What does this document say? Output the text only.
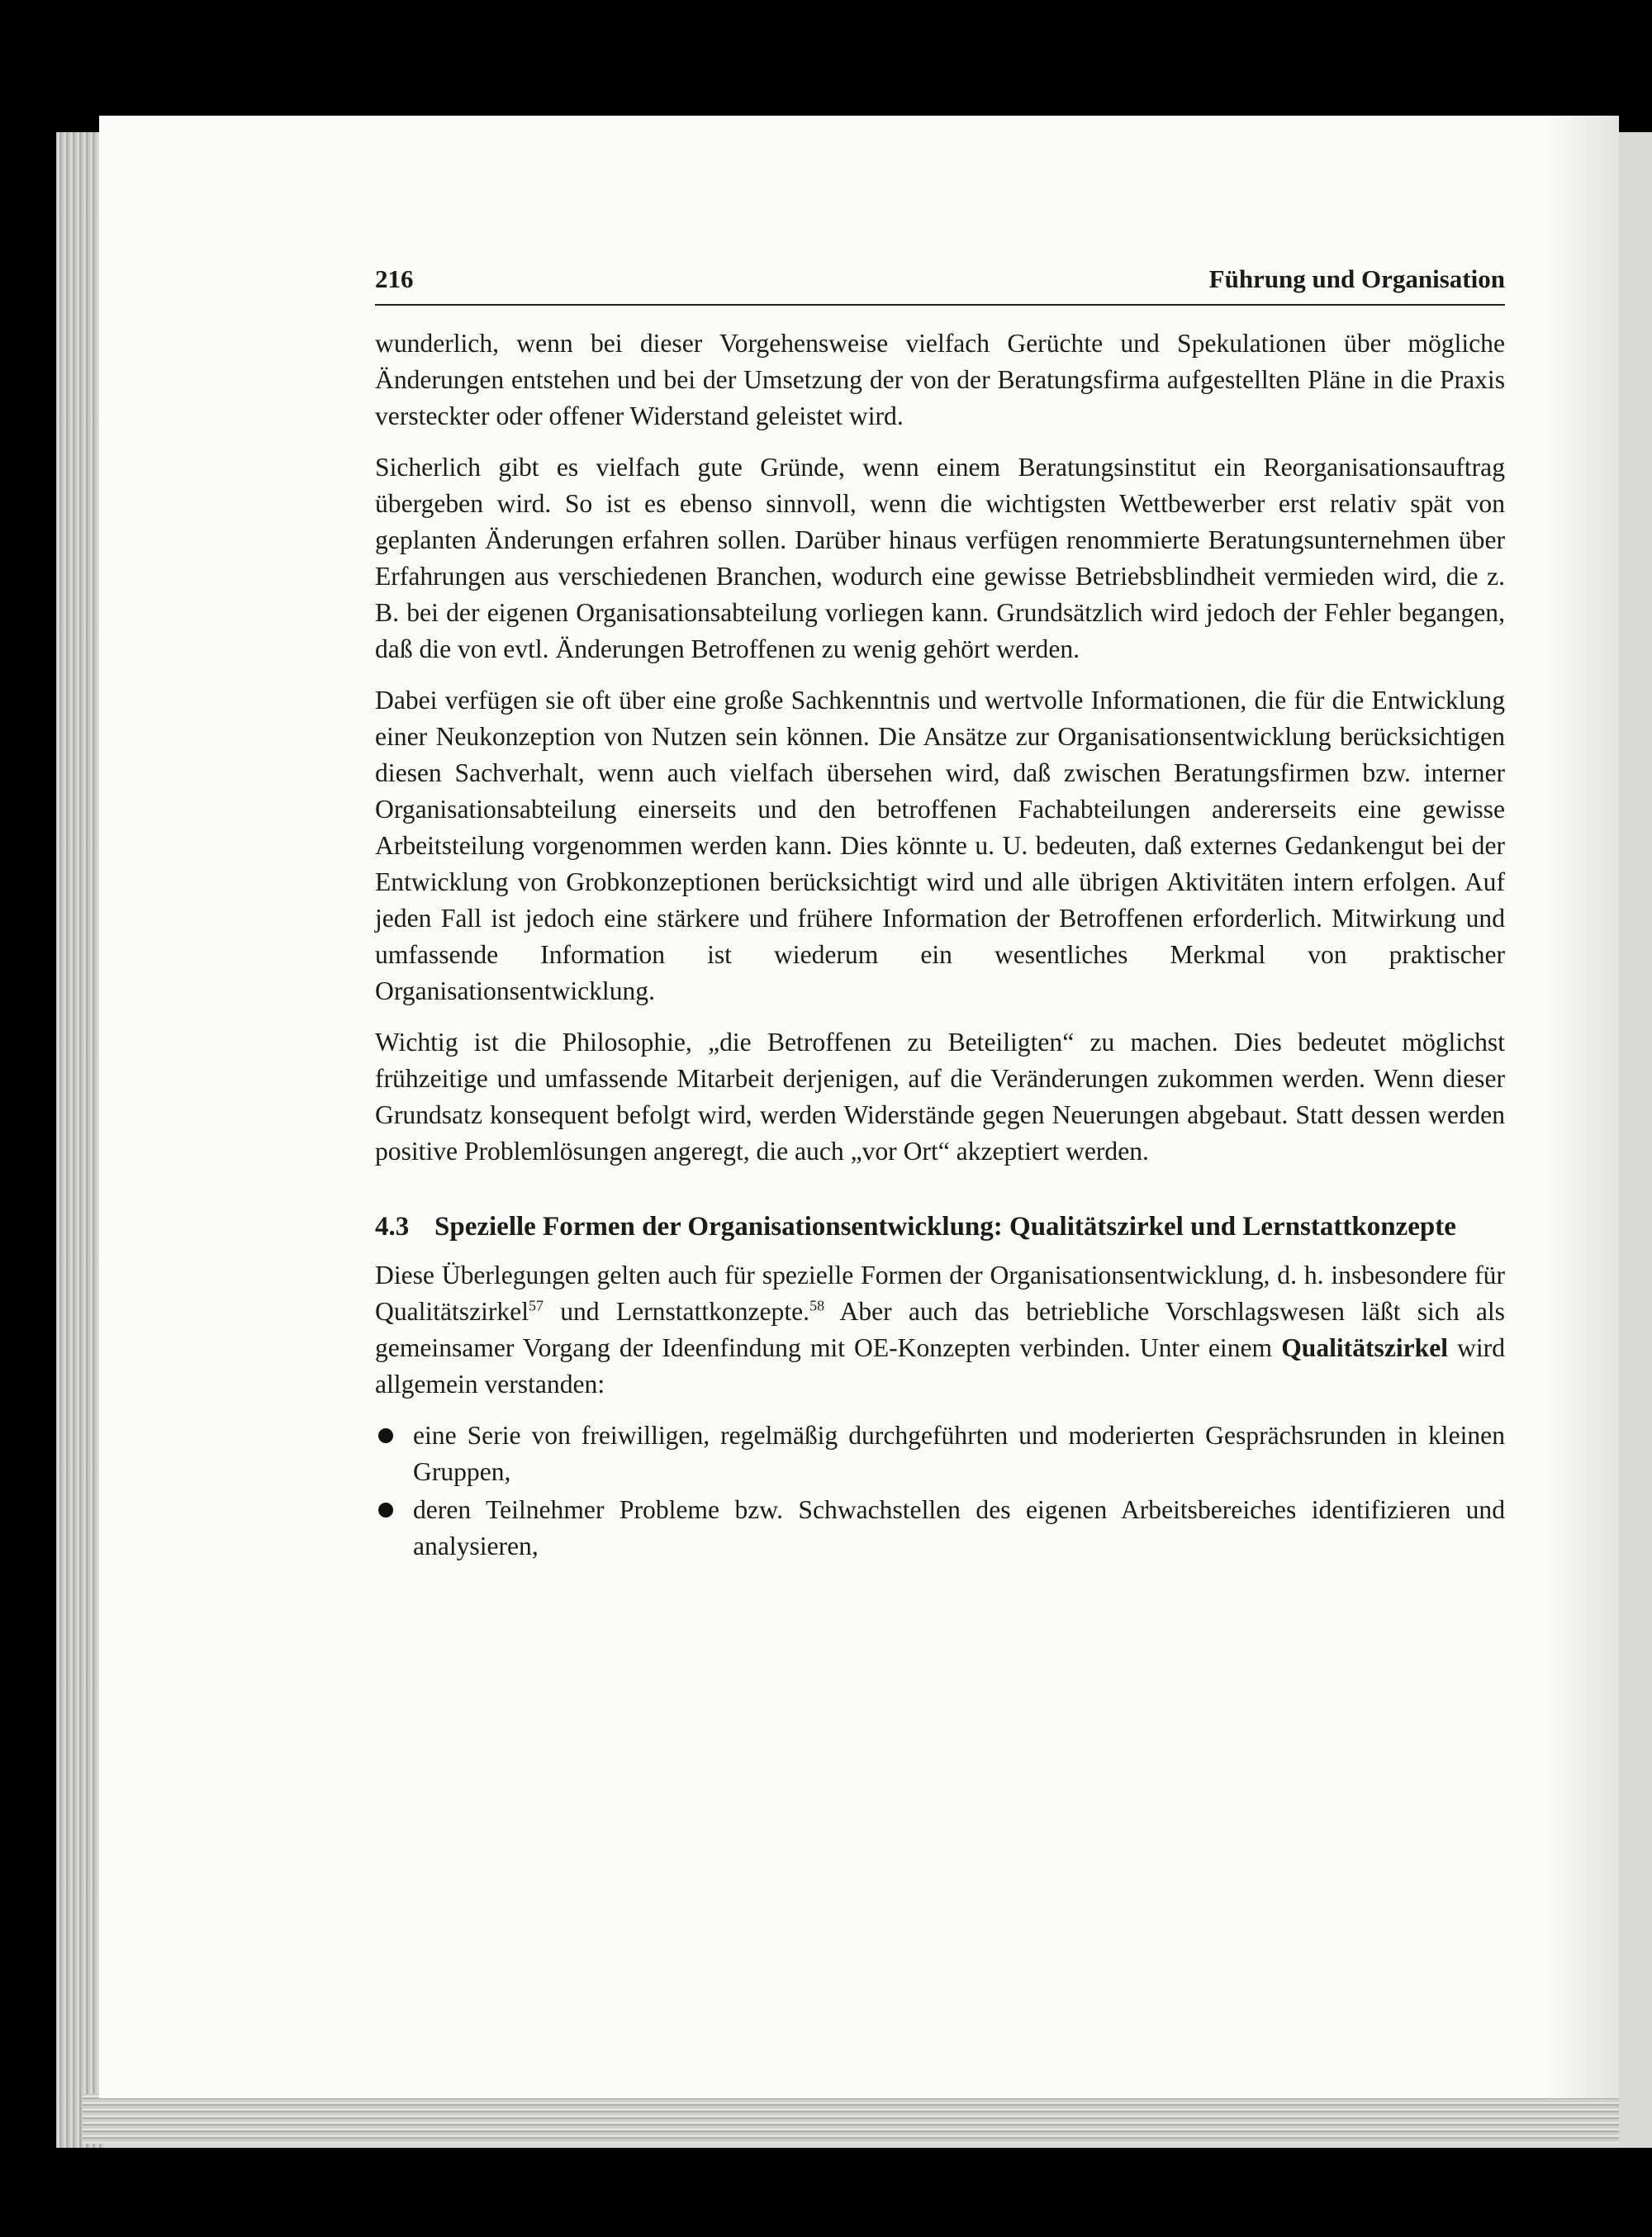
216	Führung und Organisation

wunderlich, wenn bei dieser Vorgehensweise vielfach Gerüchte und Spekulationen über mögliche Änderungen entstehen und bei der Umsetzung der von der Beratungsfirma aufgestellten Pläne in die Praxis versteckter oder offener Widerstand geleistet wird.

Sicherlich gibt es vielfach gute Gründe, wenn einem Beratungsinstitut ein Reorganisationsauftrag übergeben wird. So ist es ebenso sinnvoll, wenn die wichtigsten Wettbewerber erst relativ spät von geplanten Änderungen erfahren sollen. Darüber hinaus verfügen renommierte Beratungsunternehmen über Erfahrungen aus verschiedenen Branchen, wodurch eine gewisse Betriebsblindheit vermieden wird, die z. B. bei der eigenen Organisationsabteilung vorliegen kann. Grundsätzlich wird jedoch der Fehler begangen, daß die von evtl. Änderungen Betroffenen zu wenig gehört werden.

Dabei verfügen sie oft über eine große Sachkenntnis und wertvolle Informationen, die für die Entwicklung einer Neukonzeption von Nutzen sein können. Die Ansätze zur Organisationsentwicklung berücksichtigen diesen Sachverhalt, wenn auch vielfach übersehen wird, daß zwischen Beratungsfirmen bzw. interner Organisationsabteilung einerseits und den betroffenen Fachabteilungen andererseits eine gewisse Arbeitsteilung vorgenommen werden kann. Dies könnte u. U. bedeuten, daß externes Gedankengut bei der Entwicklung von Grobkonzeptionen berücksichtigt wird und alle übrigen Aktivitäten intern erfolgen. Auf jeden Fall ist jedoch eine stärkere und frühere Information der Betroffenen erforderlich. Mitwirkung und umfassende Information ist wiederum ein wesentliches Merkmal von praktischer Organisationsentwicklung.

Wichtig ist die Philosophie, „die Betroffenen zu Beteiligten“ zu machen. Dies bedeutet möglichst frühzeitige und umfassende Mitarbeit derjenigen, auf die Veränderungen zukommen werden. Wenn dieser Grundsatz konsequent befolgt wird, werden Widerstände gegen Neuerungen abgebaut. Statt dessen werden positive Problemlösungen angeregt, die auch „vor Ort“ akzeptiert werden.

4.3 Spezielle Formen der Organisationsentwicklung: Qualitätszirkel und Lernstattkonzepte

Diese Überlegungen gelten auch für spezielle Formen der Organisationsentwicklung, d. h. insbesondere für Qualitätszirkel$^{57}$ und Lernstattkonzepte.$^{58}$ Aber auch das betriebliche Vorschlagswesen läßt sich als gemeinsamer Vorgang der Ideenfindung mit OE-Konzepten verbinden. Unter einem Qualitätszirkel wird allgemein verstanden:

eine Serie von freiwilligen, regelmäßig durchgeführten und moderierten Gesprächsrunden in kleinen Gruppen,
deren Teilnehmer Probleme bzw. Schwachstellen des eigenen Arbeitsbereiches identifizieren und analysieren,
